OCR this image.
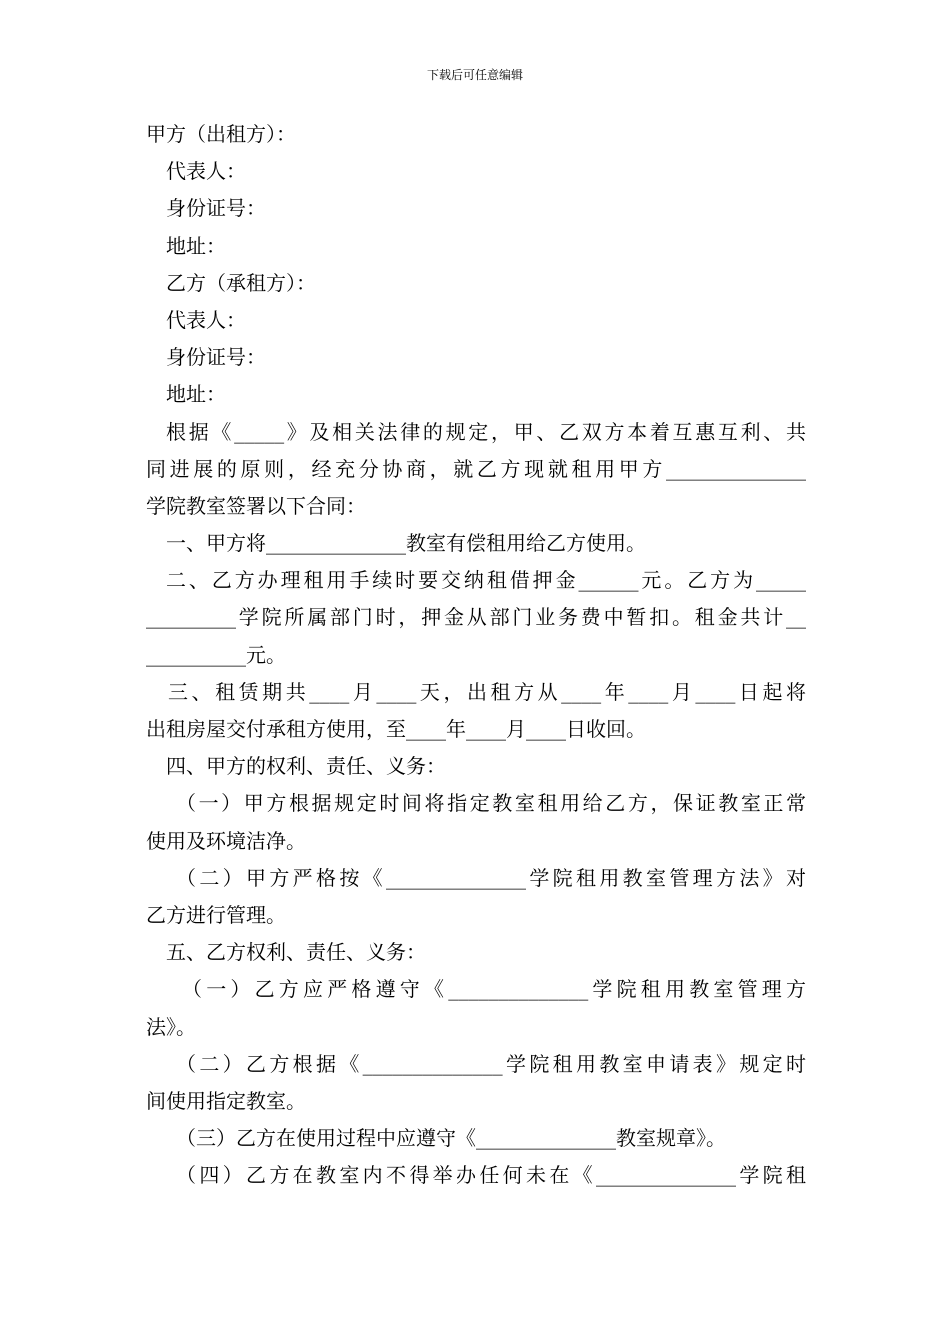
下载后可任意编辑
甲方（出租方）：
代表人：
身份证号：
地址：
乙方（承租方）：
代表人：
身份证号：
地址：
根据《_____》及相关法律的规定，甲、乙双方本着互惠互利、共
同进展的原则，经充分协商，就乙方现就租用甲方______________
学院教室签署以下合同：
一、甲方将______________教室有偿租用给乙方使用。
二、乙方办理租用手续时要交纳租借押金______元。乙方为_____
_________学院所属部门时，押金从部门业务费中暂扣。租金共计__
__________元。
三、租赁期共____月____天，出租方从____年____月____日起将
出租房屋交付承租方使用，至____年____月____日收回。
四、甲方的权利、责任、义务：
（一）甲方根据规定时间将指定教室租用给乙方，保证教室正常
使用及环境洁净。
（二）甲方严格按《______________学院租用教室管理方法》对
乙方进行管理。
五、乙方权利、责任、义务：
（一）乙方应严格遵守《______________学院租用教室管理方
法》。
（二）乙方根据《______________学院租用教室申请表》规定时
间使用指定教室。
（三）乙方在使用过程中应遵守《______________教室规章》。
（四）乙方在教室内不得举办任何未在《______________学院租
